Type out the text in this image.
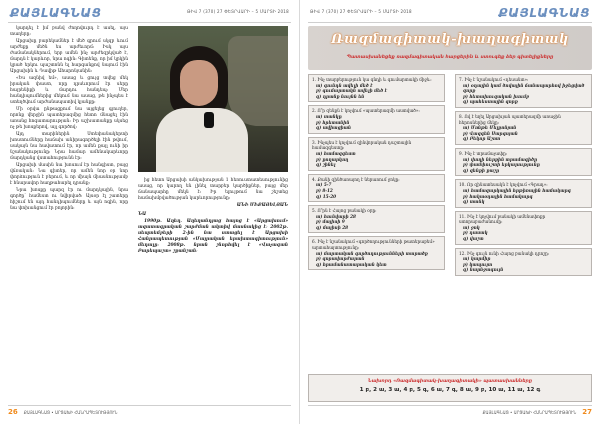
ՔԱՅԼԱԳՆԱՑ	ԹԻՎ 7 (370) 27 ՓԵՏՐՎԱՐԻ – 5 ՄԱՐՏԻ 2018

կարդել է իմ բանվ ժողովուրդ է ասել, այս տաղերը:

Արցախը բարեկամներ է մեծ գրում սկզբ ևում արժեքը մեծն ես արժեւորմ։ Իսկ այս ժամանակներում, երբ ամեն ինչ արժեզրկված է, մարդն է կարևոր, նրա ոգին։ Գիտենք, որ իմ կրկին կրած երկու պաշտոնն ել հարգանքով նայում էին Արցախին և Դավիթ Ահարոնյանին։

«Ես ազնիվ եմ», ասաց և ցույց տվեց մեկ իրական փաստ, որը դրսևորում էր սերը հայրենիքի և մարդու հանդեպ։ Մեր հանդիպումներից մեկում նա ասաց, թե ինչպես է ստեղծվում արժանապատիվ կյանքը։

Մի օրվա ընթացքում նա այցելեց գյուղեր, որոնք վերջին պատերազմից հետո մնացել էին առանց հոգատարության։ Իր աշխատանքը սկսեց ոչ թե խոսքերով, այլ գործով։

Այդ տարիներին Ստեփանակերտի խոստումները հաճախ անիրագործելի էին թվում, սակայն նա հավատում էր, որ ամեն քայլ ունի իր նշանակությունը։ Նրա համար ամենակարևորը մարդկանց վստահությունն էր։

Արցախի մասին նա խոսում էր հանգիստ, բայց վճռական։ Նա գիտեր, որ ամեն նոր օր նոր փորձություն է բերում, և որ միայն միասնությամբ է հնարավոր հաղթահարել դրանք։

Նրա խոսքը պարզ էր ու մարդկային, նրա գործը՝ համեստ ու նվիրված։ Այսօր էլ շատերը հիշում են այդ հանդիպումները և այն ոգին, որը նա փոխանցում էր բոլորին։

ից հետո Արցախի անկախության 1 հեռուստատեսությունից ասաց, որ կարող են լինել տարբեր կարծիքներ, բայց մեր ճանապարհը մեկն է։ Իր ելույթում նա շեշտեց համախմբվածության կարևորությունը։

ԱՆԻ ՄԻՔԱՅԵԼՅԱՆ

ՆԱ

1990թ. Աղեղ. Աղեղանդյաց հայոց է «Արցախում» ազատագրական շարժման ակտիվ մասնակից է։ 2002թ. սեպտեմբերի 2-ին նա ստացել է Արցախի Հանրապետության «Մայրական երախտագիտություն» մեդալը։ 2008թ. նրան շնորհվել է «Վաչագան Բարեպաշտ» շքանշան։

26 ՔԱՅԼԱԳՆԱՑ • ԱՐՑԱԽԻ ՀԱՆՐԱՊԵՏՈՒԹՅՈՒՆ
ԹԻՎ 7 (370) 27 ՓԵՏՐՎԱՐԻ – 5 ՄԱՐՏԻ 2018	ՔԱՅԼԱԳՆԱՑ
Ռազմագիտակ-խաղագիտակ
Պատասխանեցեք ռազմագիտական հարցերին և ստուգեք ձեր գիտելիքները

1. Ինչ տարբերություն կա գնդի և գումարտակի միջև:

ա) գունդն ավելի մեծ է

բ) գումարտակն ավելի մեծ է

գ) դրանք նույնն են

2. Ո՞ր զենքն է կոչվում «պատերազմի աստված»:

ա) տանկը

բ) հրետանին

գ) ավիացիան

3. Ինչպես է կոչվում զինվորական դաշտային համազգեստը:

ա) համազգեստ

բ) քողարկող

գ) շինել

4. Քանի զինծառայող է ներառում ջոկը:

ա) 5-7

բ) 8-12

գ) 15-20

5. Ո՞րն է Հայոց բանակի օրը:

ա) հունվարի 28

բ) մայիսի 9

գ) մայիսի 28

6. Ինչ է նշանակում «գործողությունների թատերաբեմ» արտահայտությունը:

ա) մարտական գործողությունների տարածք

բ) զորավարժարան

գ) հրամանատարական կետ

7. Ինչ է նշանակում «դեսանտ»:

ա) օդային կամ ծովային ճանապարհով իջեցված զորք

բ) հետախուզական խումբ

գ) պահեստային զորք

8. Ով է եղել Արցախյան պատերազմի առաջին հերոսներից մեկը:

ա) Մոնթե Մելքոնյան

բ) Վազգեն Սարգսյան

գ) Բեկոր Աշոտ

9. Ինչ է տրամաչափը:

ա) փողի ներքին տրամագիծը

բ) փամփուշտի երկարությունը

գ) զենքի քաշը

10. Որ զինատեսակն է կոչվում «Գրադ»:

ա) համազարկային հրթիռային համակարգ

բ) հակաօդային համակարգ

գ) տանկ

11. Ինչ է կոչվում բանակի ամենափոքր ստորաբաժանումը:

ա) ջոկ

բ) դասակ

գ) վաշտ

12. Ինչ գույն ունի Հայոց բանակի դրոշը:

ա) կարմիր

բ) կապույտ

գ) նարնջագույն

Նախորդ «Ռազմագիտակ-խաղագիտակի» պատասխանները
1 բ, 2 ա, 3 ա, 4 բ, 5 գ, 6 ա, 7 գ, 8 ա, 9 բ, 10 ա, 11 ա, 12 գ
ՔԱՅԼԱԳՆԱՑ • ԱՐՑԱԽԻ ՀԱՆՐԱՊԵՏՈՒԹՅՈՒՆ 27
